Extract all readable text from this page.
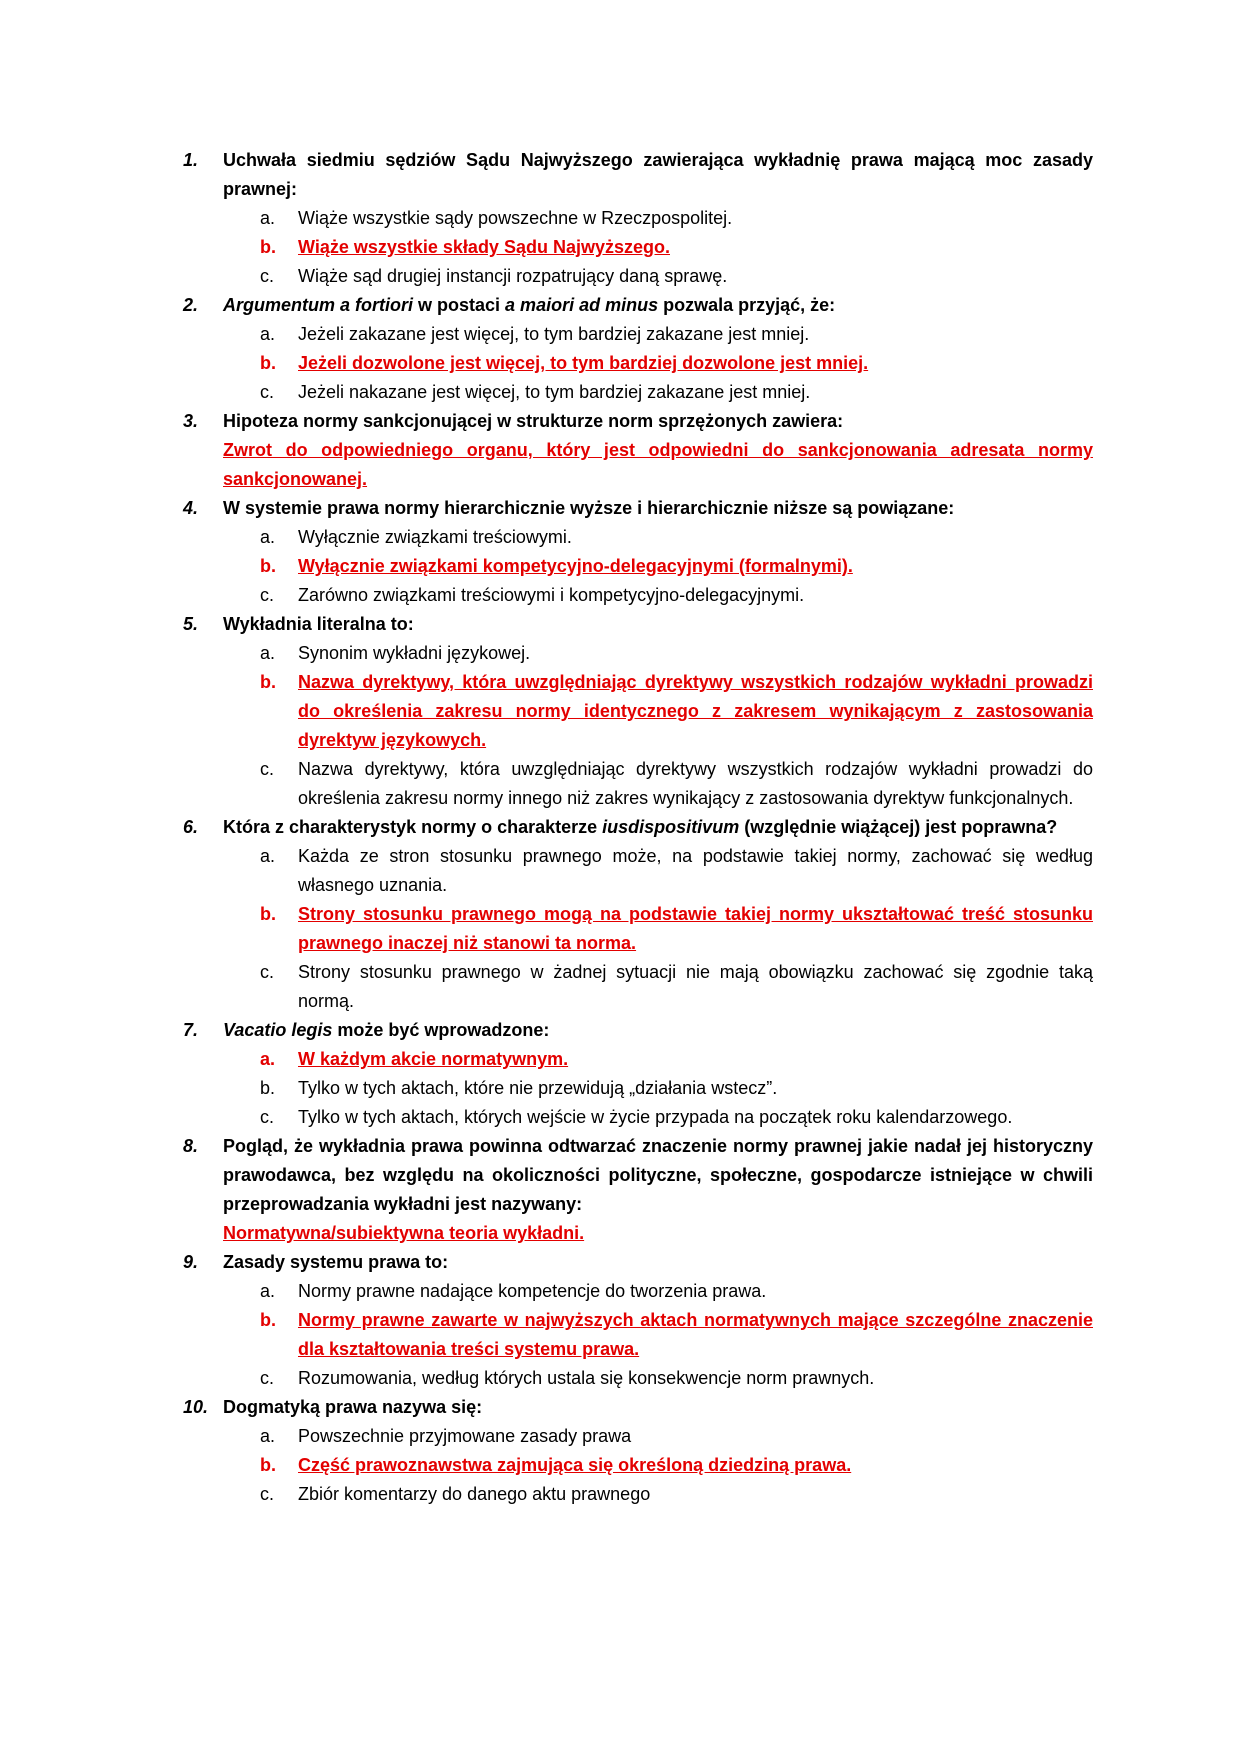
1. Uchwała siedmiu sędziów Sądu Najwyższego zawierająca wykładnię prawa mającą moc zasady prawnej:
a. Wiąże wszystkie sądy powszechne w Rzeczpospolitej.
b. Wiąże wszystkie składy Sądu Najwyższego.
c. Wiąże sąd drugiej instancji rozpatrujący daną sprawę.
2. Argumentum a fortiori w postaci a maiori ad minus pozwala przyjąć, że:
a. Jeżeli zakazane jest więcej, to tym bardziej zakazane jest mniej.
b. Jeżeli dozwolone jest więcej, to tym bardziej dozwolone jest mniej.
c. Jeżeli nakazane jest więcej, to tym bardziej zakazane jest mniej.
3. Hipoteza normy sankcjonującej w strukturze norm sprzężonych zawiera:
Zwrot do odpowiedniego organu, który jest odpowiedni do sankcjonowania adresata normy sankcjonowanej.
4. W systemie prawa normy hierarchicznie wyższe i hierarchicznie niższe są powiązane:
a. Wyłącznie związkami treściowymi.
b. Wyłącznie związkami kompetycyjno-delegacyjnymi (formalnymi).
c. Zarówno związkami treściowymi i kompetycyjno-delegacyjnymi.
5. Wykładnia literalna to:
a. Synonim wykładni językowej.
b. Nazwa dyrektywy, która uwzględniając dyrektywy wszystkich rodzajów wykładni prowadzi do określenia zakresu normy identycznego z zakresem wynikającym z zastosowania dyrektyw językowych.
c. Nazwa dyrektywy, która uwzględniając dyrektywy wszystkich rodzajów wykładni prowadzi do określenia zakresu normy innego niż zakres wynikający z zastosowania dyrektyw funkcjonalnych.
6. Która z charakterystyk normy o charakterze iusdispositivum (względnie wiążącej) jest poprawna?
a. Każda ze stron stosunku prawnego może, na podstawie takiej normy, zachować się według własnego uznania.
b. Strony stosunku prawnego mogą na podstawie takiej normy ukształtować treść stosunku prawnego inaczej niż stanowi ta norma.
c. Strony stosunku prawnego w żadnej sytuacji nie mają obowiązku zachować się zgodnie taką normą.
7. Vacatio legis może być wprowadzone:
a. W każdym akcie normatywnym.
b. Tylko w tych aktach, które nie przewidują „działania wstecz”.
c. Tylko w tych aktach, których wejście w życie przypada na początek roku kalendarzowego.
8. Pogląd, że wykładnia prawa powinna odtwarzać znaczenie normy prawnej jakie nadał jej historyczny prawodawca, bez względu na okoliczności polityczne, społeczne, gospodarcze istniejące w chwili przeprowadzania wykładni jest nazywany:
Normatywna/subiektywna teoria wykładni.
9. Zasady systemu prawa to:
a. Normy prawne nadające kompetencje do tworzenia prawa.
b. Normy prawne zawarte w najwyższych aktach normatywnych mające szczególne znaczenie dla kształtowania treści systemu prawa.
c. Rozumowania, według których ustala się konsekwencje norm prawnych.
10. Dogmatyką prawa nazywa się:
a. Powszechnie przyjmowane zasady prawa
b. Część prawoznawstwa zajmująca się określoną dziedziną prawa.
c. Zbiór komentarzy do danego aktu prawnego
